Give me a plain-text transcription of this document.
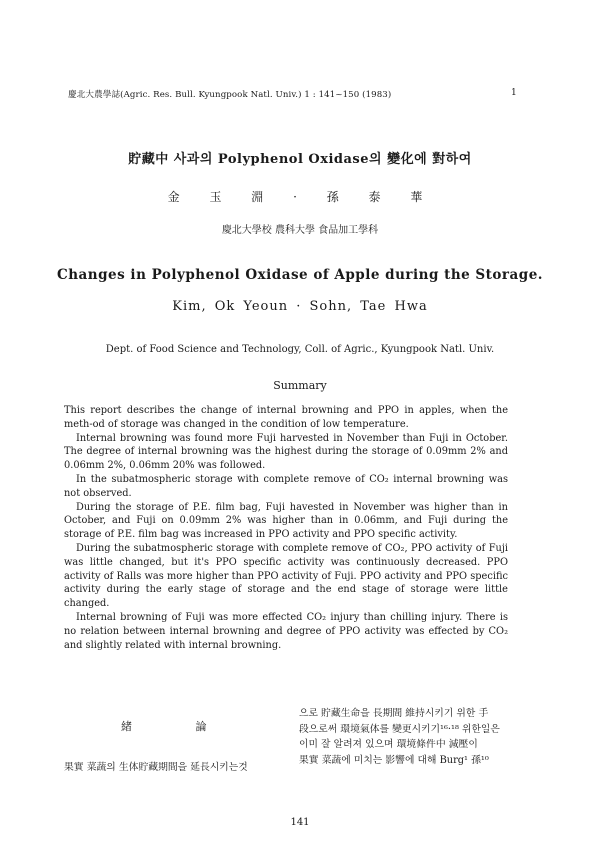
慶北大農學誌(Agric. Res. Bull. Kyungpook Natl. Univ.) 1 : 141~150 (1983)	1
貯藏中 사과의 Polyphenol Oxidase의 變化에 對하여
金 玉 淵 · 孫 泰 華
慶北大學校 農科大學 食品加工學科
Changes in Polyphenol Oxidase of Apple during the Storage.
Kim, Ok Yeoun · Sohn, Tae Hwa
Dept. of Food Science and Technology, Coll. of Agric., Kyungpook Natl. Univ.
Summary

This report describes the change of internal browning and PPO in apples, when the meth-od of storage was changed in the condition of low temperature.

Internal browning was found more Fuji harvested in November than Fuji in October. The degree of internal browning was the highest during the storage of 0.09mm 2% and 0.06mm 2%, 0.06mm 20% was followed.

In the subatmospheric storage with complete remove of CO₂ internal browning was not observed.

During the storage of P.E. film bag, Fuji havested in November was higher than in October, and Fuji on 0.09mm 2% was higher than in 0.06mm, and Fuji during the storage of P.E. film bag was increased in PPO activity and PPO specific activity.

During the subatmospheric storage with complete remove of CO₂, PPO activity of Fuji was little changed, but it's PPO specific activity was continuously decreased. PPO activity of Ralls was more higher than PPO activity of Fuji. PPO activity and PPO specific activity during the early stage of storage and the end stage of storage were little changed.

Internal browning of Fuji was more effected CO₂ injury than chilling injury. There is no relation between internal browning and degree of PPO activity was effected by CO₂ and slightly related with internal browning.

緒 論
果實 菜蔬의 生体貯藏期間을 延長시키는것
으로 貯藏生命을 長期間 維持시키기 위한 手
段으로써 環境氣体를 變更시키기¹⁶·¹⁸ 위한일은
이미 잘 알려져 있으며 環境條件中 減壓이
果實 菜蔬에 미치는 影響에 대해 Burg¹ 孫¹⁰
141
